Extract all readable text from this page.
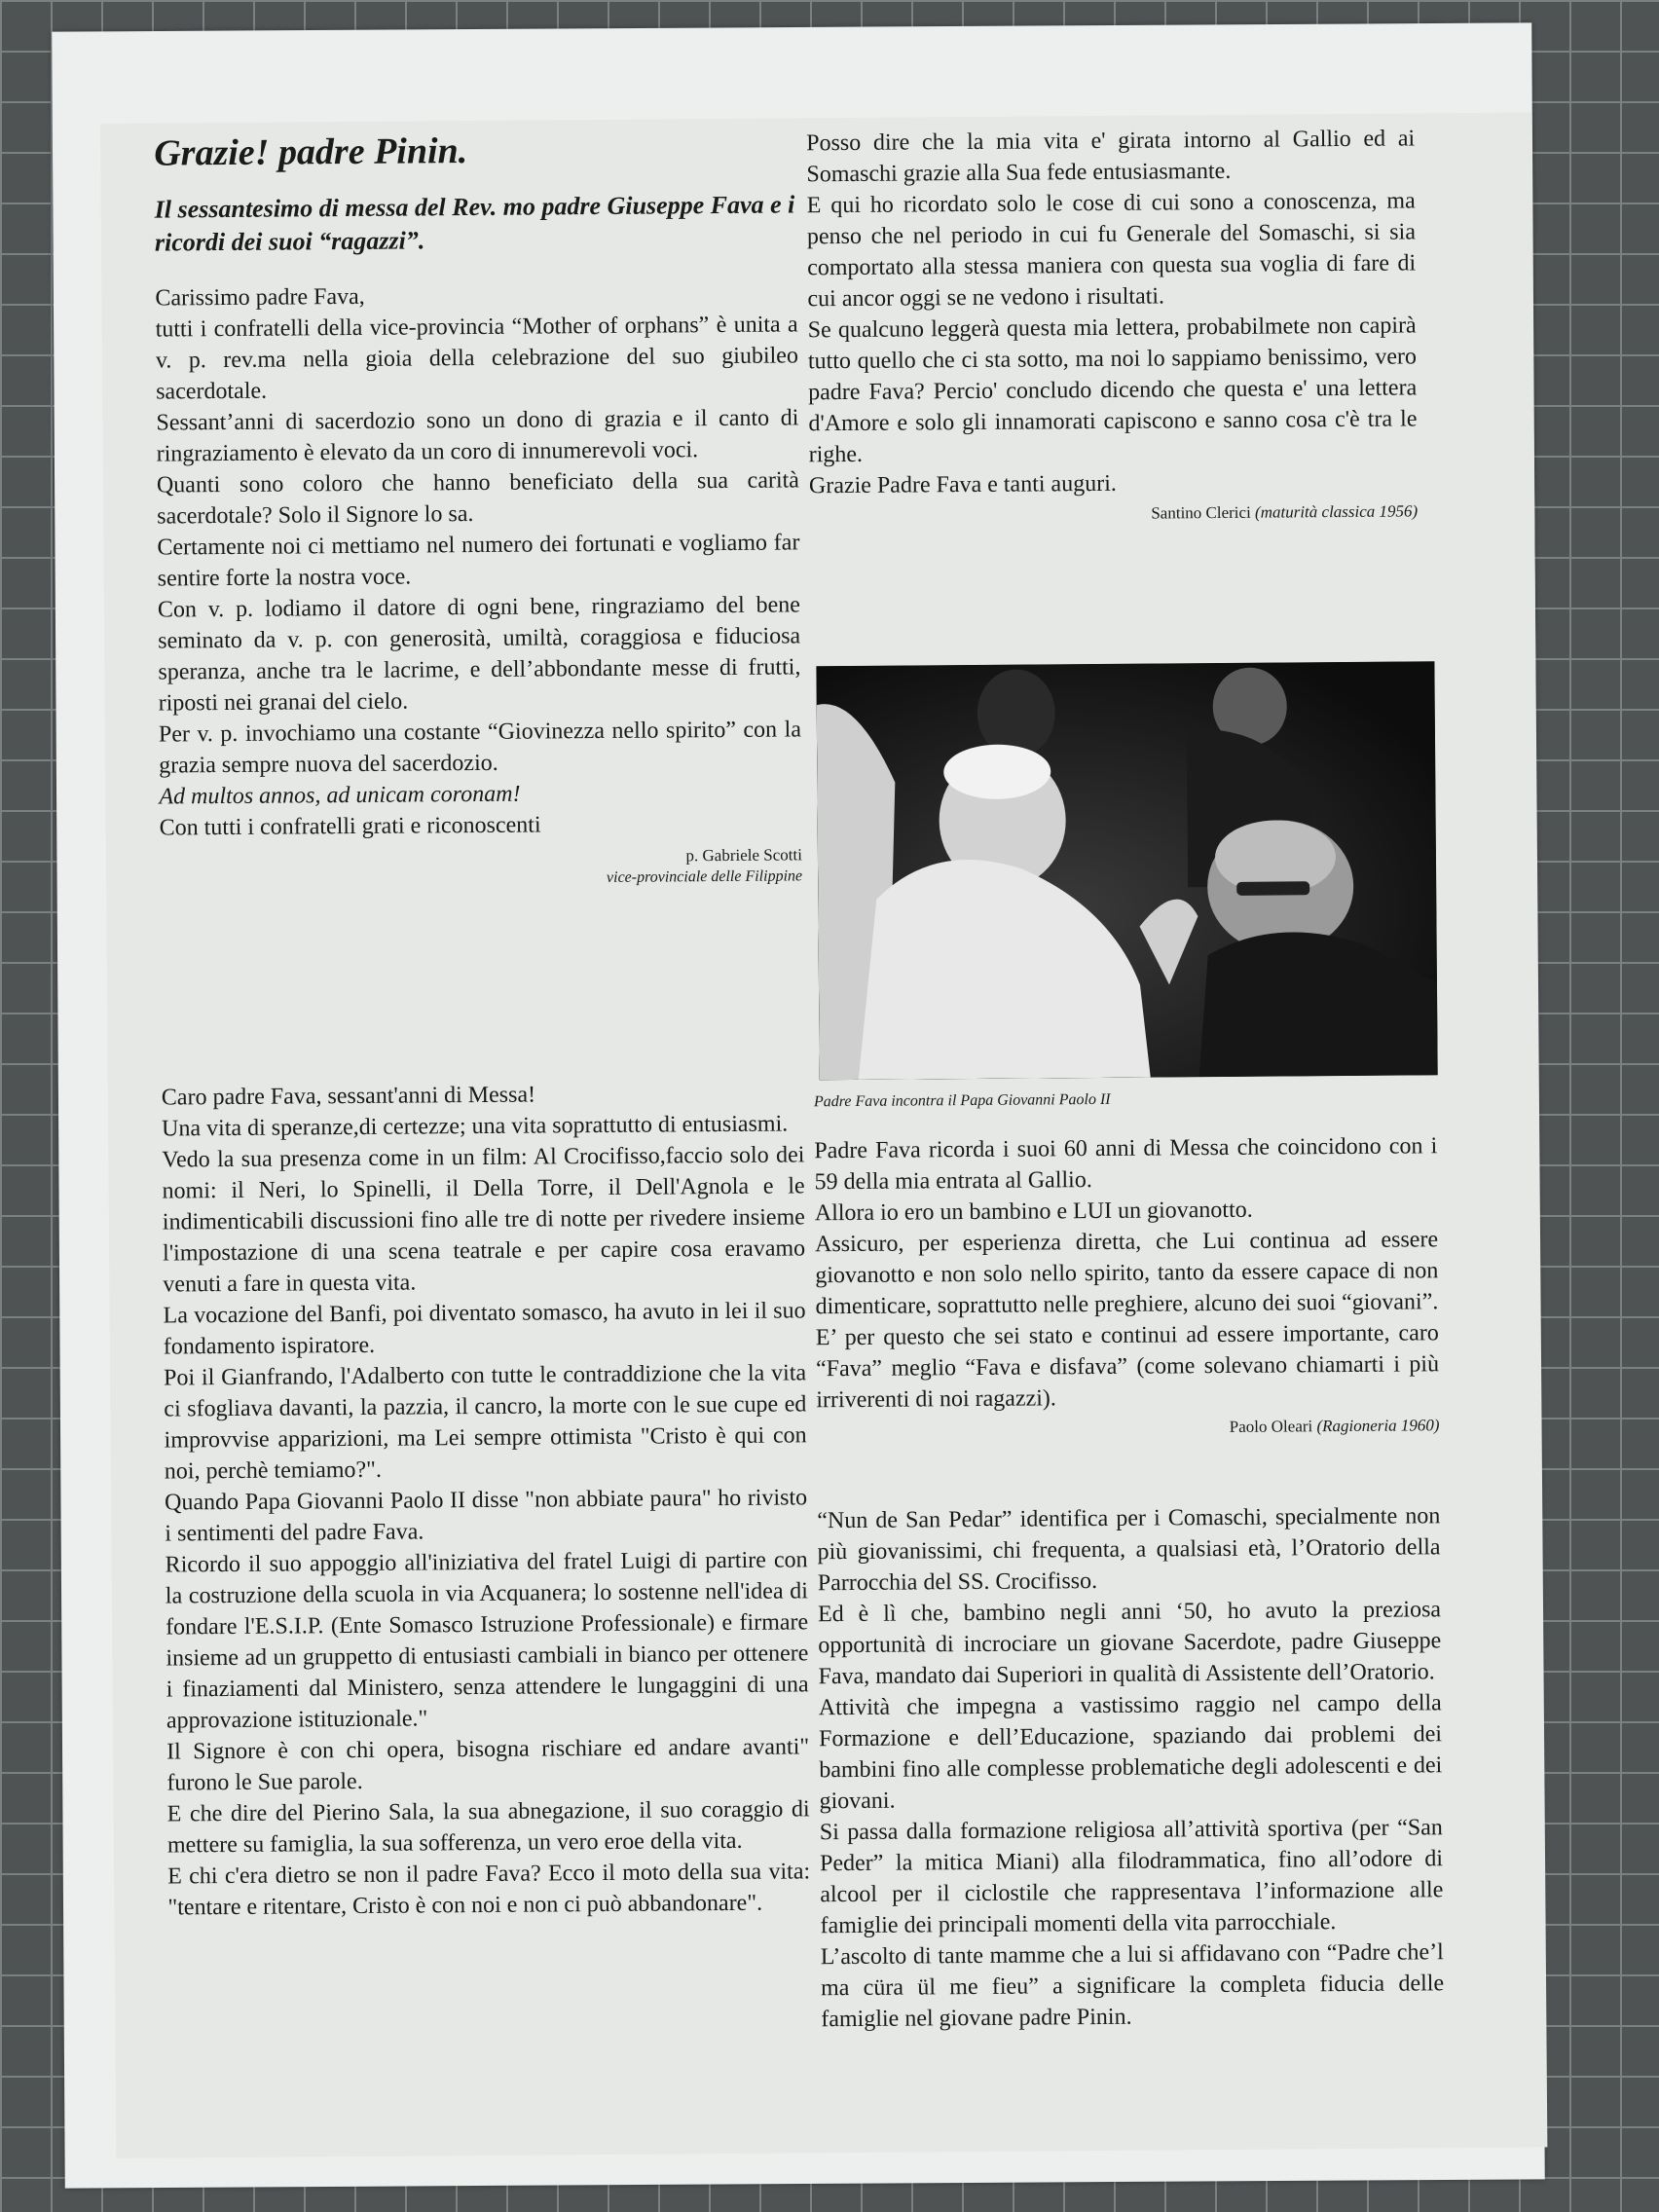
Grazie! padre Pinin.
Il sessantesimo di messa del Rev. mo padre Giuseppe Fava e i ricordi dei suoi “ragazzi”.

Carissimo padre Fava,

tutti i confratelli della vice-provincia “Mother of orphans” è unita a v. p. rev.ma nella gioia della celebrazione del suo giubileo sacerdotale.

Sessant’anni di sacerdozio sono un dono di grazia e il canto di ringraziamento è elevato da un coro di innumerevoli voci.

Quanti sono coloro che hanno beneficiato della sua carità sacerdotale? Solo il Signore lo sa.

Certamente noi ci mettiamo nel numero dei fortunati e vogliamo far sentire forte la nostra voce.

Con v. p. lodiamo il datore di ogni bene, ringraziamo del bene seminato da v. p. con generosità, umiltà, coraggiosa e fiduciosa speranza, anche tra le lacrime, e dell’abbondante messe di frutti, riposti nei granai del cielo.

Per v. p. invochiamo una costante “Giovinezza nello spirito” con la grazia sempre nuova del sacerdozio.

Ad multos annos, ad unicam coronam!

Con tutti i confratelli grati e riconoscenti

p. Gabriele Scotti

vice-provinciale delle Filippine

Caro padre Fava, sessant'anni di Messa!

Una vita di speranze,di certezze; una vita soprattutto di entusiasmi.

Vedo la sua presenza come in un film: Al Crocifisso,faccio solo dei nomi: il Neri, lo Spinelli, il Della Torre, il Dell'Agnola e le indimenticabili discussioni fino alle tre di notte per rivedere insieme l'impostazione di una scena teatrale e per capire cosa eravamo venuti a fare in questa vita.

La vocazione del Banfi, poi diventato somasco, ha avuto in lei il suo fondamento ispiratore.

Poi il Gianfrando, l'Adalberto con tutte le contraddizione che la vita ci sfogliava davanti, la pazzia, il cancro, la morte con le sue cupe ed improvvise apparizioni, ma Lei sempre ottimista "Cristo è qui con noi, perchè temiamo?".

Quando Papa Giovanni Paolo II disse "non abbiate paura" ho rivisto i sentimenti del padre Fava.

Ricordo il suo appoggio all'iniziativa del fratel Luigi di partire con la costruzione della scuola in via Acquanera; lo sostenne nell'idea di fondare l'E.S.I.P. (Ente Somasco Istruzione Professionale) e firmare insieme ad un gruppetto di entusiasti cambiali in bianco per ottenere i finaziamenti dal Ministero, senza attendere le lungaggini di una approvazione istituzionale."

Il Signore è con chi opera, bisogna rischiare ed andare avanti" furono le Sue parole.

E che dire del Pierino Sala, la sua abnegazione, il suo coraggio di mettere su famiglia, la sua sofferenza, un vero eroe della vita.

E chi c'era dietro se non il padre Fava? Ecco il moto della sua vita: "tentare e ritentare, Cristo è con noi e non ci può abbandonare".

Posso dire che la mia vita e' girata intorno al Gallio ed ai Somaschi grazie alla Sua fede entusiasmante.

E qui ho ricordato solo le cose di cui sono a conoscenza, ma penso che nel periodo in cui fu Generale del Somaschi, si sia comportato alla stessa maniera con questa sua voglia di fare di cui ancor oggi se ne vedono i risultati.

Se qualcuno leggerà questa mia lettera, probabilmete non capirà tutto quello che ci sta sotto, ma noi lo sappiamo benissimo, vero padre Fava? Percio' concludo dicendo che questa e' una lettera d'Amore e solo gli innamorati capiscono e sanno cosa c'è tra le righe.

Grazie Padre Fava e tanti auguri.

Santino Clerici (maturità classica 1956)

Padre Fava incontra il Papa Giovanni Paolo II

Padre Fava ricorda i suoi 60 anni di Messa che coincidono con i 59 della mia entrata al Gallio.

Allora io ero un bambino e LUI un giovanotto.

Assicuro, per esperienza diretta, che Lui continua ad essere giovanotto e non solo nello spirito, tanto da essere capace di non dimenticare, soprattutto nelle preghiere, alcuno dei suoi “giovani”.

E’ per questo che sei stato e continui ad essere importante, caro “Fava” meglio “Fava e disfava” (come solevano chiamarti i più irriverenti di noi ragazzi).

Paolo Oleari (Ragioneria 1960)

“Nun de San Pedar” identifica per i Comaschi, specialmente non più giovanissimi, chi frequenta, a qualsiasi età, l’Oratorio della Parrocchia del SS. Crocifisso.

Ed è lì che, bambino negli anni ‘50, ho avuto la preziosa opportunità di incrociare un giovane Sacerdote, padre Giuseppe Fava, mandato dai Superiori in qualità di Assistente dell’Oratorio.

Attività che impegna a vastissimo raggio nel campo della Formazione e dell’Educazione, spaziando dai problemi dei bambini fino alle complesse problematiche degli adolescenti e dei giovani.

Si passa dalla formazione religiosa all’attività sportiva (per “San Peder” la mitica Miani) alla filodrammatica, fino all’odore di alcool per il ciclostile che rappresentava l’informazione alle famiglie dei principali momenti della vita parrocchiale.

L’ascolto di tante mamme che a lui si affidavano con “Padre che’l ma cüra ül me fieu” a significare la completa fiducia delle famiglie nel giovane padre Pinin.
